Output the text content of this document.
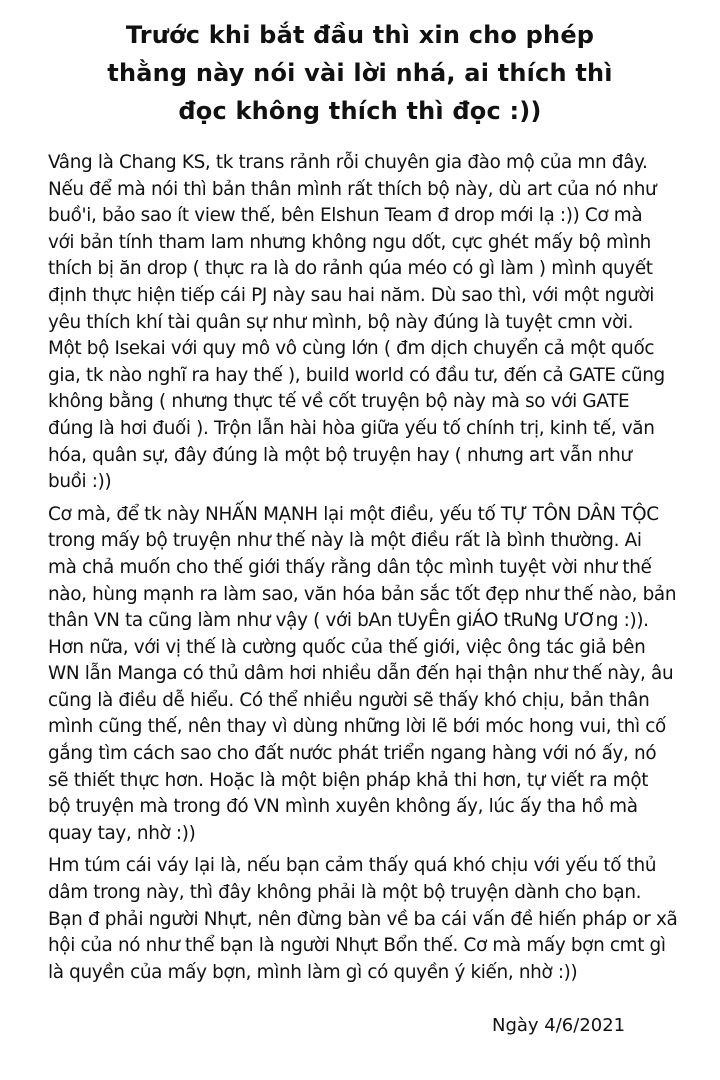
Trước khi bắt đầu thì xin cho phép
thằng này nói vài lời nhá, ai thích thì
đọc không thích thì đọc :))
Vâng là Chang KS, tk trans rảnh rỗi chuyên gia đào mộ của mn đây.
Nếu để mà nói thì bản thân mình rất thích bộ này, dù art của nó như
buồ'i, bảo sao ít view thế, bên Elshun Team đ drop mới lạ :)) Cơ mà
với bản tính tham lam nhưng không ngu dốt, cực ghét mấy bộ mình
thích bị ăn drop ( thực ra là do rảnh qúa méo có gì làm ) mình quyết
định thực hiện tiếp cái PJ này sau hai năm. Dù sao thì, với một người
yêu thích khí tài quân sự như mình, bộ này đúng là tuyệt cmn vời.
Một bộ Isekai với quy mô vô cùng lớn ( đm dịch chuyển cả một quốc
gia, tk nào nghĩ ra hay thế ), build world có đầu tư, đến cả GATE cũng
không bằng ( nhưng thực tế về cốt truyện bộ này mà so với GATE
đúng là hơi đuối ). Trộn lẫn hài hòa giữa yếu tố chính trị, kinh tế, văn
hóa, quân sự, đây đúng là một bộ truyện hay ( nhưng art vẫn như
buồi :))
Cơ mà, để tk này NHẤN MẠNH lại một điều, yếu tố TỰ TÔN DÂN TỘC
trong mấy bộ truyện như thế này là một điều rất là bình thường. Ai
mà chả muốn cho thế giới thấy rằng dân tộc mình tuyệt vời như thế
nào, hùng mạnh ra làm sao, văn hóa bản sắc tốt đẹp như thế nào, bản
thân VN ta cũng làm như vậy ( với bAn tUyÊn giÁO tRuNg ƯƠng :)).
Hơn nữa, với vị thế là cường quốc của thế giới, việc ông tác giả bên
WN lẫn Manga có thủ dâm hơi nhiều dẫn đến hại thận như thế này, âu
cũng là điều dễ hiểu. Có thể nhiều người sẽ thấy khó chịu, bản thân
mình cũng thế, nên thay vì dùng những lời lẽ bới móc hong vui, thì cố
gắng tìm cách sao cho đất nước phát triển ngang hàng với nó ấy, nó
sẽ thiết thực hơn. Hoặc là một biện pháp khả thi hơn, tự viết ra một
bộ truyện mà trong đó VN mình xuyên không ấy, lúc ấy tha hồ mà
quay tay, nhờ :))
Hm túm cái váy lại là, nếu bạn cảm thấy quá khó chịu với yếu tố thủ
dâm trong này, thì đây không phải là một bộ truyện dành cho bạn.
Bạn đ phải người Nhựt, nên đừng bàn về ba cái vấn đề hiến pháp or xã
hội của nó như thể bạn là người Nhựt Bổn thế. Cơ mà mấy bợn cmt gì
là quyền của mấy bợn, mình làm gì có quyền ý kiến, nhờ :))
Ngày 4/6/2021
